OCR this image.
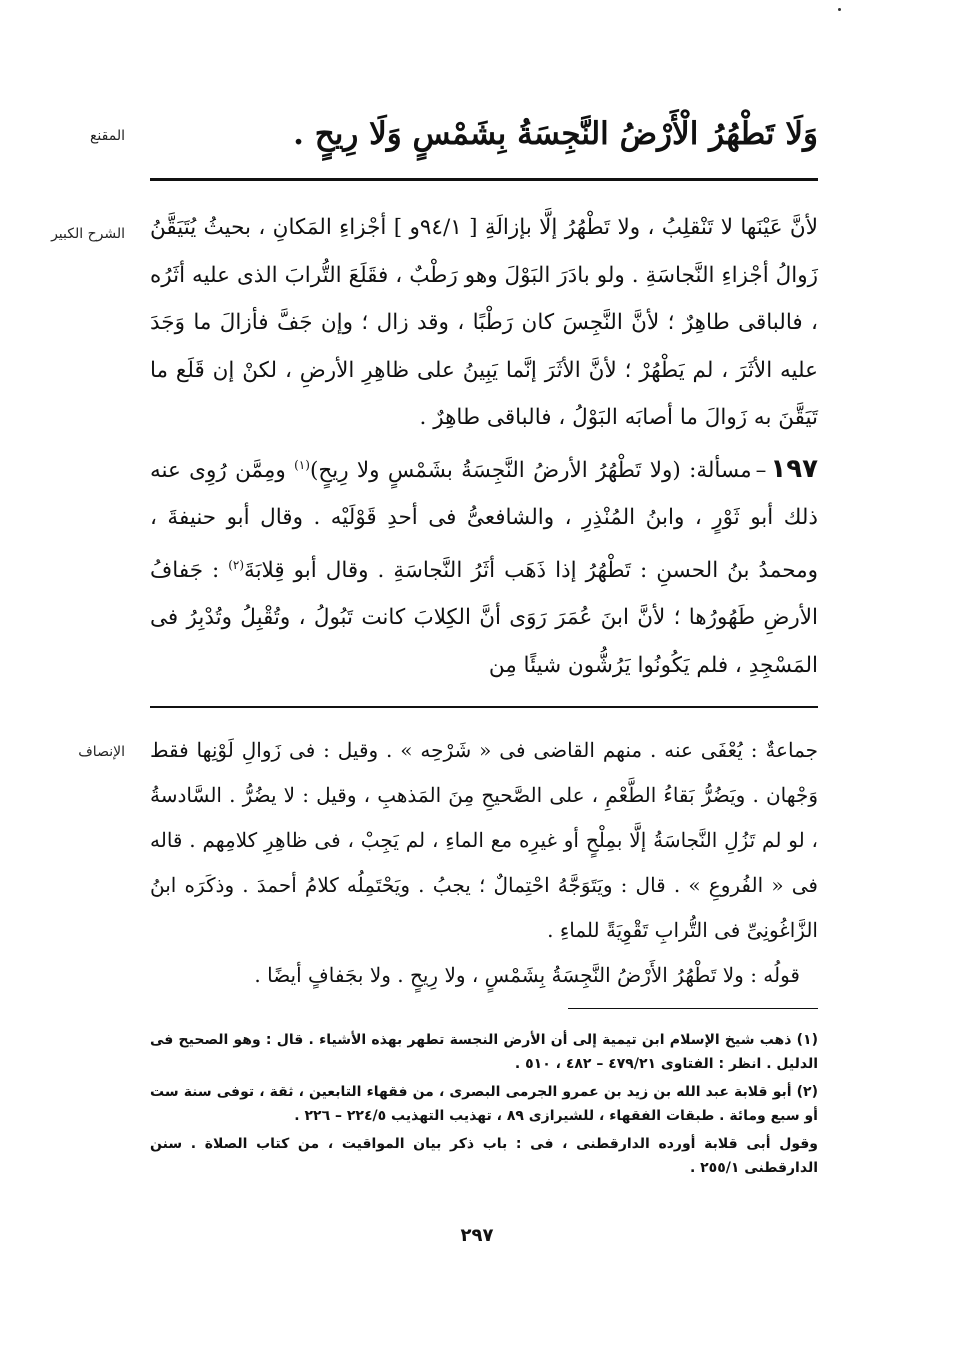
المقنع	وَلَا تَطْهُرُ الْأَرْضُ النَّجِسَةُ بِشَمْسٍ وَلَا رِيحٍ .
الشرح الكبير لأنَّ عَيْنَها لا تَنْقلِبُ ، ولا تَطْهُرُ إلَّا بإزالَةِ [ ٩٤/١و ] أجْزاءِ المَكانِ ، بحيثُ يُتَيَقَّنُ زَوالُ أجْزاءِ النَّجاسَةِ . ولو بادَرَ البَوْلَ وهو رَطْبٌ ، فقَلَعَ التُّرابَ الذى عليه أثَرُه ، فالباقى طاهِرٌ ؛ لأنَّ النَّجِسَ كان رَطْبًا ، وقد زال ؛ وإن جَفَّ فأزالَ ما وَجَدَ عليه الأثَرَ ، لم يَطْهُرْ ؛ لأنَّ الأثَرَ إنَّما يَبِينُ على ظاهِرِ الأرضِ ، لكنْ إن قَلَع ما تَيَقَّنَ به زَوالَ ما أصابَه البَوْلُ ، فالباقى طاهِرٌ .

١٩٧–مسألة: (ولا تَطْهُرُ الأرضُ النَّجِسَةُ بشَمْسٍ ولا رِيحٍ)$^{(١)}$ ومِمَّن رُوِى عنه ذلك أبو ثَوْرٍ ، وابنُ المُنْذِرِ ، والشافعىُّ فى أحدِ قَوْلَيْه . وقال أبو حنيفةَ ، ومحمدُ بنُ الحسنِ : تَطْهُرُ إذا ذَهَب أثَرُ النَّجاسَةِ . وقال أبو قِلابَةَ$^{(٢)}$ : جَفافُ الأرضِ طَهُورُها ؛ لأنَّ ابنَ عُمَرَ رَوَى أنَّ الكِلابَ كانت تَبُولُ ، وتُقْبِلُ وتُدْبِرُ فى المَسْجِدِ ، فلم يَكُونُوا يَرُشُّون شيئًا مِن

الإنصاف جماعةٌ : يُعْفَى عنه . منهم القاضى فى « شَرْحِه » . وقيل : فى زَوالِ لَوْنِها فقط وَجْهان . ويَضُرُّ بَقاءُ الطَّعْمِ ، على الصَّحيحِ مِنَ المَذهبِ ، وقيل : لا يضُرُّ . السَّادسةُ ، لو لم تَزُلِ النَّجاسَةُ إلَّا بمِلْحٍ أو غيرِه مع الماءِ ، لم يَجِبْ ، فى ظاهِرِ كلامِهم . قاله فى « الفُروعِ » . قال : ويَتَوَجَّهُ احْتِمالٌ ؛ يجبُ . ويَحْتَمِلُه كلامُ أحمدَ . وذكَرَه ابنُ الزَّاغُونِىِّ فى التُّرابِ تَقْوِيَةً للماءِ .

قولُه : ولا تَطْهُرُ الأَرْضُ النَّجِسَةُ بِشَمْسٍ ، ولا رِيحٍ . ولا بجَفافٍ أيضًا .

(١) ذهب شيخ الإسلام ابن تيمية إلى أن الأرض النجسة تطهر بهذه الأشياء . قال : وهو الصحيح فى الدليل . انظر : الفتاوى ٤٧٩/٢١ – ٤٨٢ ، ٥١٠ .

(٢) أبو قلابة عبد الله بن زيد بن عمرو الجرمى البصرى ، من فقهاء التابعين ، ثقة ، توفى سنة ست أو سبع ومائة . طبقات الفقهاء ، للشيرازى ٨٩ ، تهذيب التهذيب ٢٢٤/٥ – ٢٢٦ .

وقول أبى قلابة أورده الدارقطنى ، فى : باب ذكر بيان المواقيت ، من كتاب الصلاة . سنن الدارقطنى ٢٥٥/١ .

٢٩٧
